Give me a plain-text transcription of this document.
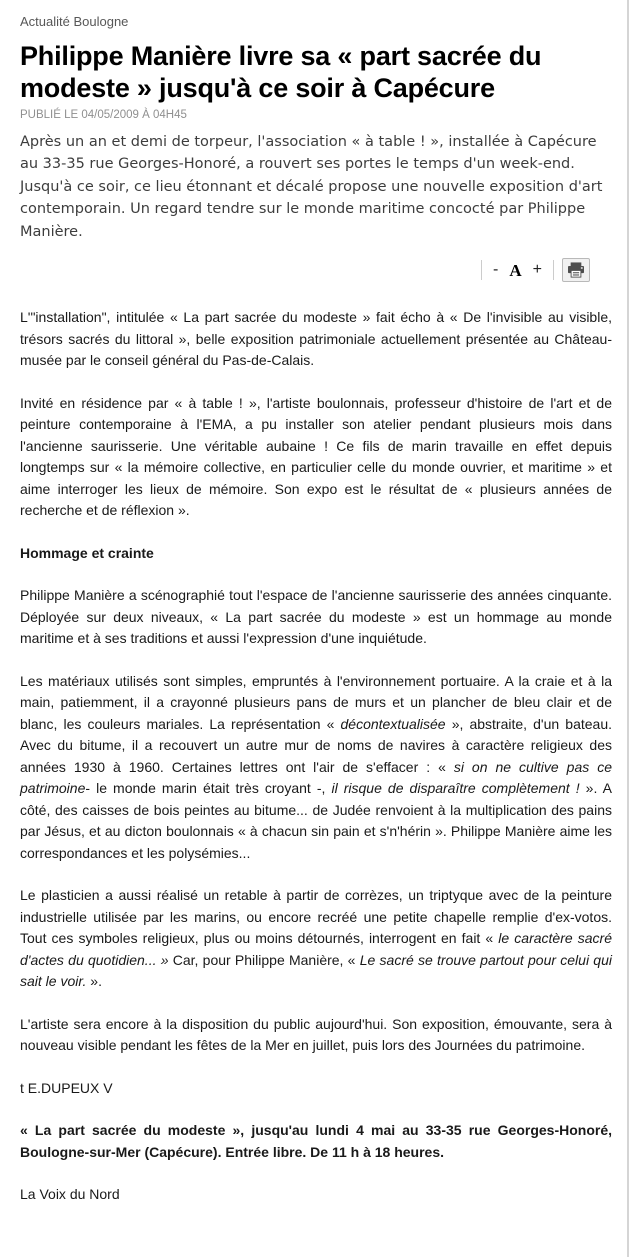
Actualité Boulogne
Philippe Manière livre sa « part sacrée du modeste » jusqu'à ce soir à Capécure
PUBLIÉ LE 04/05/2009 À 04H45

Après un an et demi de torpeur, l'association « à table ! », installée à Capécure au 33-35 rue Georges-Honoré, a rouvert ses portes le temps d'un week-end. Jusqu'à ce soir, ce lieu étonnant et décalé propose une nouvelle exposition d'art contemporain. Un regard tendre sur le monde maritime concocté par Philippe Manière.

- A +

L'"installation", intitulée « La part sacrée du modeste » fait écho à « De l'invisible au visible, trésors sacrés du littoral », belle exposition patrimoniale actuellement présentée au Château-musée par le conseil général du Pas-de-Calais.

Invité en résidence par « à table ! », l'artiste boulonnais, professeur d'histoire de l'art et de peinture contemporaine à l'EMA, a pu installer son atelier pendant plusieurs mois dans l'ancienne saurisserie. Une véritable aubaine ! Ce fils de marin travaille en effet depuis longtemps sur « la mémoire collective, en particulier celle du monde ouvrier, et maritime » et aime interroger les lieux de mémoire. Son expo est le résultat de « plusieurs années de recherche et de réflexion ».

Hommage et crainte

Philippe Manière a scénographié tout l'espace de l'ancienne saurisserie des années cinquante. Déployée sur deux niveaux, « La part sacrée du modeste » est un hommage au monde maritime et à ses traditions et aussi l'expression d'une inquiétude.

Les matériaux utilisés sont simples, empruntés à l'environnement portuaire. A la craie et à la main, patiemment, il a crayonné plusieurs pans de murs et un plancher de bleu clair et de blanc, les couleurs mariales. La représentation « décontextualisée », abstraite, d'un bateau. Avec du bitume, il a recouvert un autre mur de noms de navires à caractère religieux des années 1930 à 1960. Certaines lettres ont l'air de s'effacer : « si on ne cultive pas ce patrimoine- le monde marin était très croyant -, il risque de disparaître complètement ! ». A côté, des caisses de bois peintes au bitume... de Judée renvoient à la multiplication des pains par Jésus, et au dicton boulonnais « à chacun sin pain et s'n'hérin ». Philippe Manière aime les correspondances et les polysémies...

Le plasticien a aussi réalisé un retable à partir de corrèzes, un triptyque avec de la peinture industrielle utilisée par les marins, ou encore recréé une petite chapelle remplie d'ex-votos. Tout ces symboles religieux, plus ou moins détournés, interrogent en fait « le caractère sacré d'actes du quotidien... » Car, pour Philippe Manière, « Le sacré se trouve partout pour celui qui sait le voir. ».

L'artiste sera encore à la disposition du public aujourd'hui. Son exposition, émouvante, sera à nouveau visible pendant les fêtes de la Mer en juillet, puis lors des Journées du patrimoine.

t E.DUPEUX V

« La part sacrée du modeste », jusqu'au lundi 4 mai au 33-35 rue Georges-Honoré, Boulogne-sur-Mer (Capécure). Entrée libre. De 11 h à 18 heures.

La Voix du Nord
